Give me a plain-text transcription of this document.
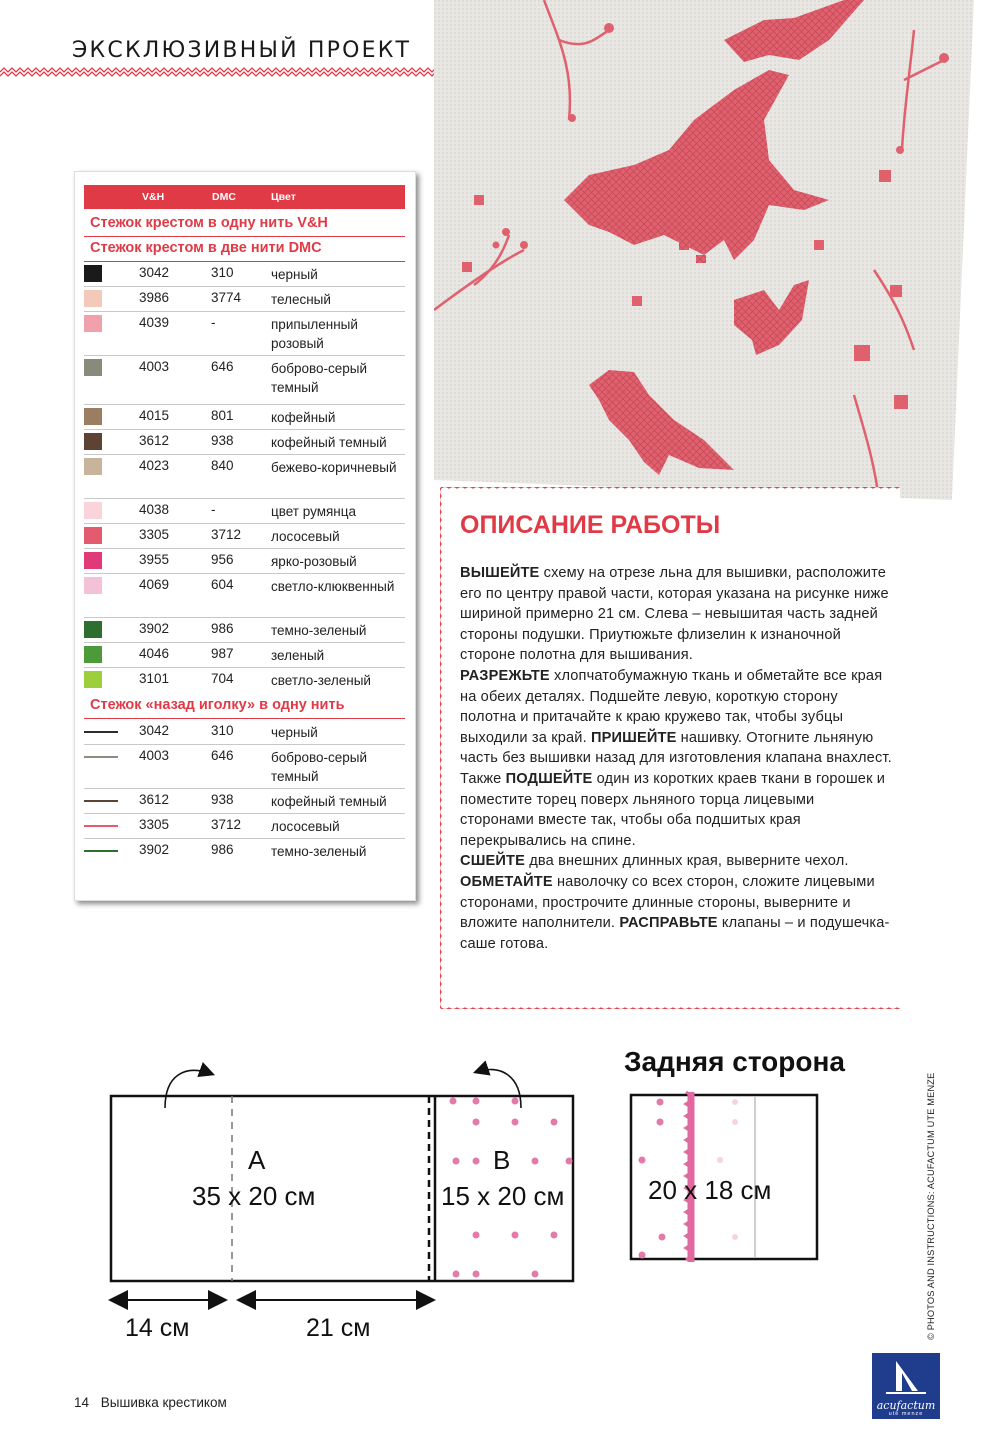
ЭКСКЛЮЗИВНЫЙ ПРОЕКТ
V&H	DMC	Цвет
Стежок крестом в одну нить V&H
Стежок крестом в две нити DMC
3042	310	черный
3986	3774 телесный
4039	-	припыленный розовый
4003	646	боброво-серый темный
4015	801	кофейный
3612	938	кофейный темный
4023	840	бежево-коричневый
4038	-	цвет румянца
3305	3712 лососевый
3955	956	ярко-розовый
4069	604	светло-клюквенный
3902	986	темно-зеленый
4046	987	зеленый
3101	704	светло-зеленый
Стежок «назад иголку» в одну нить
3042	310	черный
4003	646	боброво-серый темный
3612	938	кофейный темный
3305	3712 лососевый
3902	986	темно-зеленый
ОПИСАНИЕ РАБОТЫ

ВЫШЕЙТЕ схему на отрезе льна для вышивки, расположите его по центру правой части, которая указана на рисунке ниже шириной примерно 21 см. Слева – невышитая часть задней стороны подушки. Приутюжьте флизелин к изнаночной стороне полотна для вышивания.

РАЗРЕЖЬТЕ хлопчатобумажную ткань и обметайте все края на обеих деталях. Подшейте левую, короткую сторону полотна и притачайте к краю кружево так, чтобы зубцы выходили за край. ПРИШЕЙТЕ нашивку. Отогните льняную часть без вышивки назад для изготовления клапана внахлест.

Также ПОДШЕЙТЕ один из коротких краев ткани в горошек и поместите торец поверх льняного торца лицевыми сторонами вместе так, чтобы оба подшитых края перекрывались на спине.

СШЕЙТЕ два внешних длинных края, выверните чехол. ОБМЕТАЙТЕ наволочку со всех сторон, сложите лицевыми сторонами, прострочите длинные стороны, выверните и вложите наполнители. РАСПРАВЬТЕ клапаны – и подушечка-саше готова.

A
35 x 20 см
B
15 x 20 см
14 см	21 см
Задняя сторона
20 x 18 см	© PHOTOS AND INSTRUCTIONS: ACUFACTUM UTE MENZE
14 Вышивка крестиком	acufactum
ute menze
